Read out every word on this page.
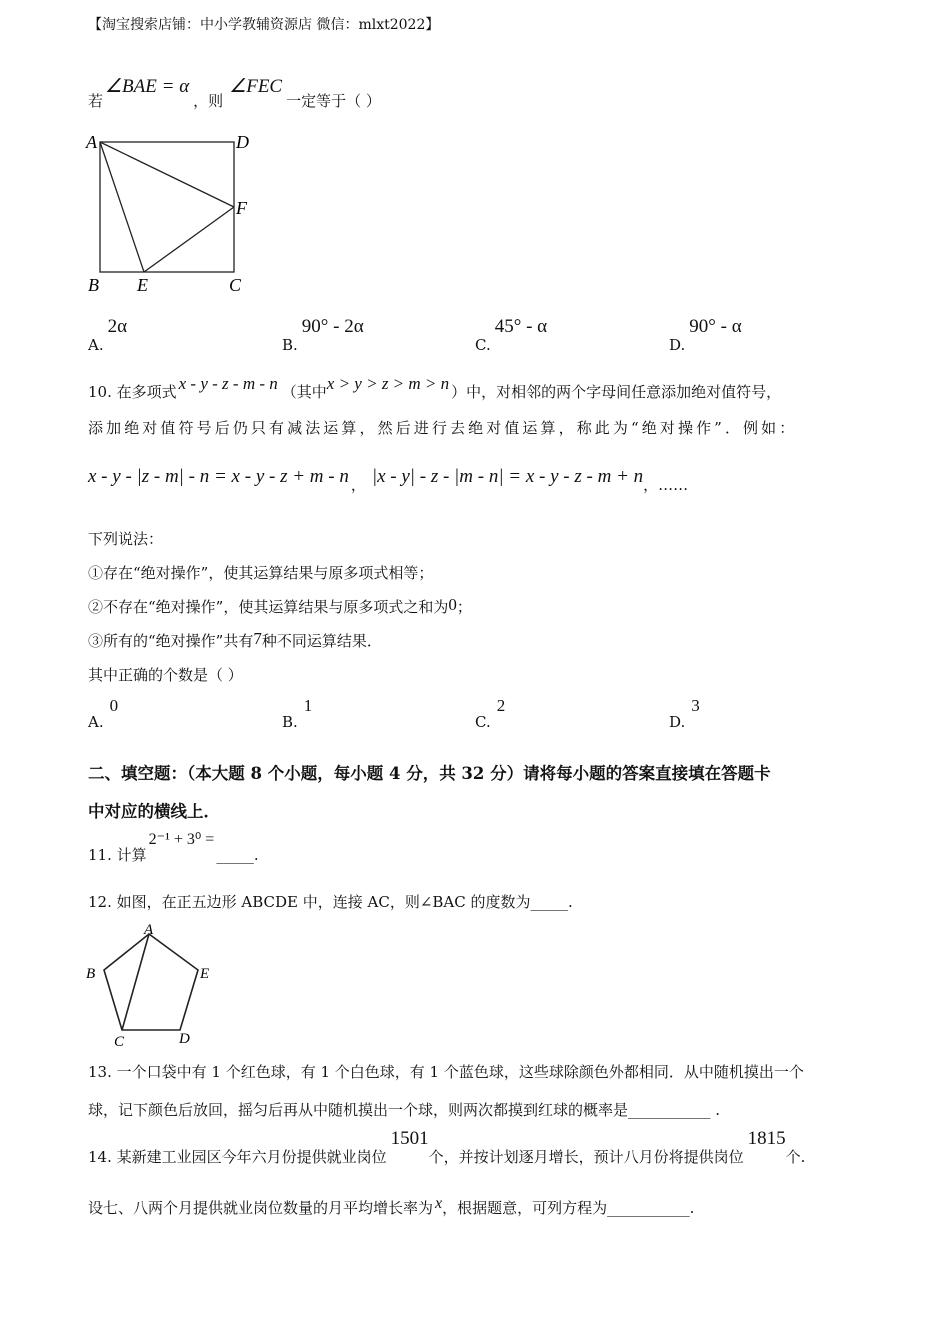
【淘宝搜索店铺：中小学教辅资源店 微信：mlxt2022】
若∠BAE = α，则∠FEC一定等于（ ）
A	D
F
B E	C
A.2α
B.90° - 2α
C.45° - α
D.90° - α
10. 在多项式 x - y - z - m - n （其中x > y > z > m > n ）中，对相邻的两个字母间任意添加绝对值符号，
添加绝对值符号后仍只有减法运算，然后进行去绝对值运算，称此为“绝对操作”．例如：
x - y - |z - m| - n = x - y - z + m - n ， |x - y| - z - |m - n| = x - y - z - m + n，……
下列说法：
①存在“绝对操作”，使其运算结果与原多项式相等；
②不存在“绝对操作”，使其运算结果与原多项式之和为0；
③所有的“绝对操作”共有7种不同运算结果．
其中正确的个数是（ ）
A.0
B.1
C.2
D.3
二、填空题：（本大题 8 个小题，每小题 4 分，共 32 分）请将每小题的答案直接填在答题卡
中对应的横线上．
11. 计算2⁻¹ + 3⁰ =_____.
12. 如图，在正五边形 ABCDE 中，连接 AC，则∠BAC 的度数为_____.
A
B	E
C	D
13. 一个口袋中有 1 个红色球，有 1 个白色球，有 1 个蓝色球，这些球除颜色外都相同．从中随机摸出一个
球，记下颜色后放回，摇匀后再从中随机摸出一个球，则两次都摸到红球的概率是___________ .
14. 某新建工业园区今年六月份提供就业岗位1501个，并按计划逐月增长，预计八月份将提供岗位1815个.
设七、八两个月提供就业岗位数量的月平均增长率为 x，根据题意，可列方程为___________.
